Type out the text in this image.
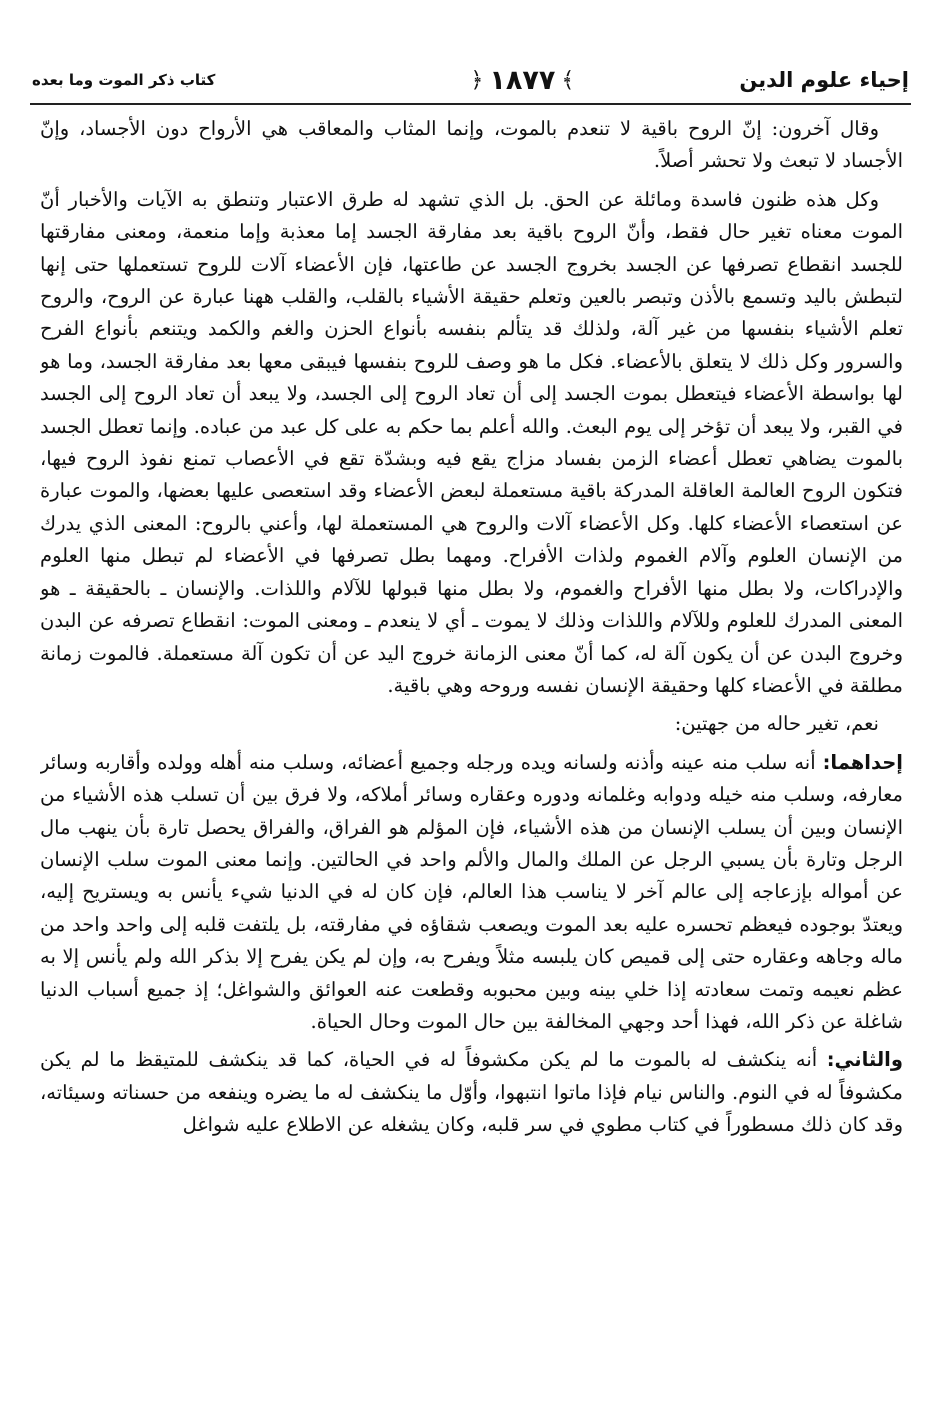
إحياء علوم الدين
﴾
١٨٧٧
﴿
كتاب ذكر الموت وما بعده

وقال آخرون: إنّ الروح باقية لا تنعدم بالموت، وإنما المثاب والمعاقب هي الأرواح دون الأجساد، وإنّ الأجساد لا تبعث ولا تحشر أصلاً.

وكل هذه ظنون فاسدة ومائلة عن الحق. بل الذي تشهد له طرق الاعتبار وتنطق به الآيات والأخبار أنّ الموت معناه تغير حال فقط، وأنّ الروح باقية بعد مفارقة الجسد إما معذبة وإما منعمة، ومعنى مفارقتها للجسد انقطاع تصرفها عن الجسد بخروج الجسد عن طاعتها، فإن الأعضاء آلات للروح تستعملها حتى إنها لتبطش باليد وتسمع بالأذن وتبصر بالعين وتعلم حقيقة الأشياء بالقلب، والقلب ههنا عبارة عن الروح، والروح تعلم الأشياء بنفسها من غير آلة، ولذلك قد يتألم بنفسه بأنواع الحزن والغم والكمد ويتنعم بأنواع الفرح والسرور وكل ذلك لا يتعلق بالأعضاء. فكل ما هو وصف للروح بنفسها فيبقى معها بعد مفارقة الجسد، وما هو لها بواسطة الأعضاء فيتعطل بموت الجسد إلى أن تعاد الروح إلى الجسد، ولا يبعد أن تعاد الروح إلى الجسد في القبر، ولا يبعد أن تؤخر إلى يوم البعث. والله أعلم بما حكم به على كل عبد من عباده. وإنما تعطل الجسد بالموت يضاهي تعطل أعضاء الزمن بفساد مزاج يقع فيه وبشدّة تقع في الأعصاب تمنع نفوذ الروح فيها، فتكون الروح العالمة العاقلة المدركة باقية مستعملة لبعض الأعضاء وقد استعصى عليها بعضها، والموت عبارة عن استعصاء الأعضاء كلها. وكل الأعضاء آلات والروح هي المستعملة لها، وأعني بالروح: المعنى الذي يدرك من الإنسان العلوم وآلام الغموم ولذات الأفراح. ومهما بطل تصرفها في الأعضاء لم تبطل منها العلوم والإدراكات، ولا بطل منها الأفراح والغموم، ولا بطل منها قبولها للآلام واللذات. والإنسان ـ بالحقيقة ـ هو المعنى المدرك للعلوم وللآلام واللذات وذلك لا يموت ـ أي لا ينعدم ـ ومعنى الموت: انقطاع تصرفه عن البدن وخروج البدن عن أن يكون آلة له، كما أنّ معنى الزمانة خروج اليد عن أن تكون آلة مستعملة. فالموت زمانة مطلقة في الأعضاء كلها وحقيقة الإنسان نفسه وروحه وهي باقية.

نعم، تغير حاله من جهتين:

إحداهما: أنه سلب منه عينه وأذنه ولسانه ويده ورجله وجميع أعضائه، وسلب منه أهله وولده وأقاربه وسائر معارفه، وسلب منه خيله ودوابه وغلمانه ودوره وعقاره وسائر أملاكه، ولا فرق بين أن تسلب هذه الأشياء من الإنسان وبين أن يسلب الإنسان من هذه الأشياء، فإن المؤلم هو الفراق، والفراق يحصل تارة بأن ينهب مال الرجل وتارة بأن يسبي الرجل عن الملك والمال والألم واحد في الحالتين. وإنما معنى الموت سلب الإنسان عن أمواله بإزعاجه إلى عالم آخر لا يناسب هذا العالم، فإن كان له في الدنيا شيء يأنس به ويستريح إليه، ويعتدّ بوجوده فيعظم تحسره عليه بعد الموت ويصعب شقاؤه في مفارقته، بل يلتفت قلبه إلى واحد واحد من ماله وجاهه وعقاره حتى إلى قميص كان يلبسه مثلاً ويفرح به، وإن لم يكن يفرح إلا بذكر الله ولم يأنس إلا به عظم نعيمه وتمت سعادته إذا خلي بينه وبين محبوبه وقطعت عنه العوائق والشواغل؛ إذ جميع أسباب الدنيا شاغلة عن ذكر الله، فهذا أحد وجهي المخالفة بين حال الموت وحال الحياة.

والثاني: أنه ينكشف له بالموت ما لم يكن مكشوفاً له في الحياة، كما قد ينكشف للمتيقظ ما لم يكن مكشوفاً له في النوم. والناس نيام فإذا ماتوا انتبهوا، وأوّل ما ينكشف له ما يضره وينفعه من حسناته وسيئاته، وقد كان ذلك مسطوراً في كتاب مطوي في سر قلبه، وكان يشغله عن الاطلاع عليه شواغل
